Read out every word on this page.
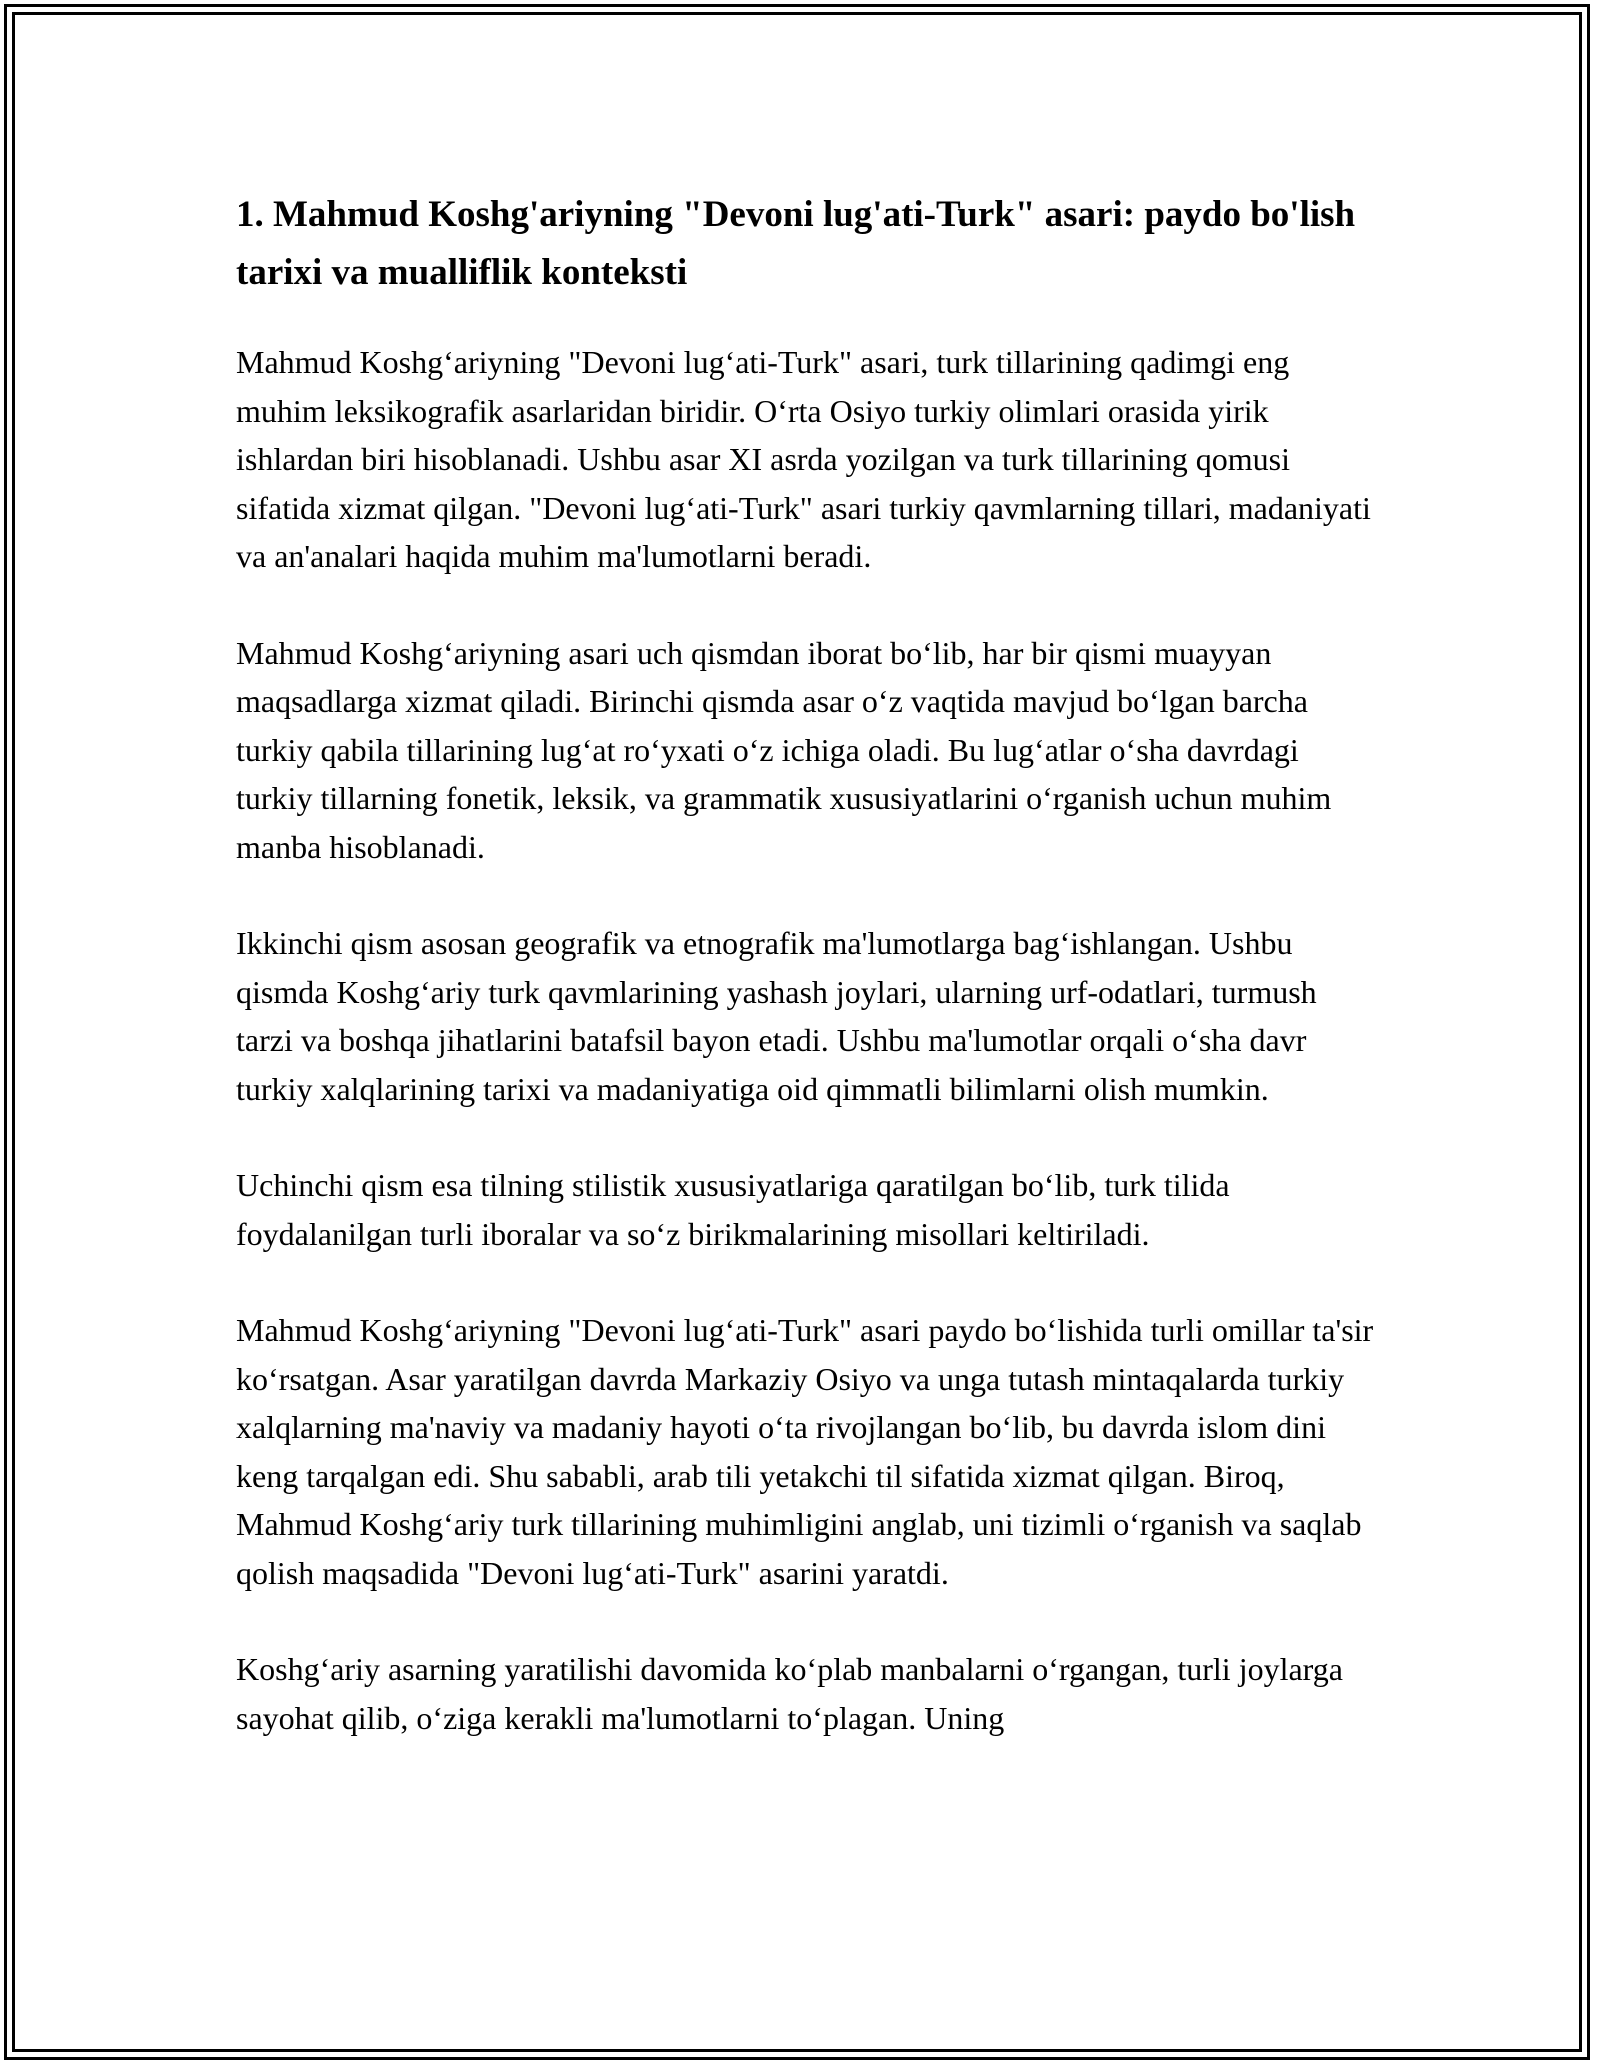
1. Mahmud Koshg'ariyning "Devoni lug'ati-Turk" asari: paydo bo'lish tarixi va mualliflik konteksti

Mahmud Koshg‘ariyning "Devoni lug‘ati-Turk" asari, turk tillarining qadimgi eng muhim leksikografik asarlaridan biridir. O‘rta Osiyo turkiy olimlari orasida yirik ishlardan biri hisoblanadi. Ushbu asar XI asrda yozilgan va turk tillarining qomusi sifatida xizmat qilgan. "Devoni lug‘ati-Turk" asari turkiy qavmlarning tillari, madaniyati va an'analari haqida muhim ma'lumotlarni beradi.

Mahmud Koshg‘ariyning asari uch qismdan iborat bo‘lib, har bir qismi muayyan maqsadlarga xizmat qiladi. Birinchi qismda asar o‘z vaqtida mavjud bo‘lgan barcha turkiy qabila tillarining lug‘at ro‘yxati o‘z ichiga oladi. Bu lug‘atlar o‘sha davrdagi turkiy tillarning fonetik, leksik, va grammatik xususiyatlarini o‘rganish uchun muhim manba hisoblanadi.

Ikkinchi qism asosan geografik va etnografik ma'lumotlarga bag‘ishlangan. Ushbu qismda Koshg‘ariy turk qavmlarining yashash joylari, ularning urf-odatlari, turmush tarzi va boshqa jihatlarini batafsil bayon etadi. Ushbu ma'lumotlar orqali o‘sha davr turkiy xalqlarining tarixi va madaniyatiga oid qimmatli bilimlarni olish mumkin.

Uchinchi qism esa tilning stilistik xususiyatlariga qaratilgan bo‘lib, turk tilida foydalanilgan turli iboralar va so‘z birikmalarining misollari keltiriladi.

Mahmud Koshg‘ariyning "Devoni lug‘ati-Turk" asari paydo bo‘lishida turli omillar ta'sir ko‘rsatgan. Asar yaratilgan davrda Markaziy Osiyo va unga tutash mintaqalarda turkiy xalqlarning ma'naviy va madaniy hayoti o‘ta rivojlangan bo‘lib, bu davrda islom dini keng tarqalgan edi. Shu sababli, arab tili yetakchi til sifatida xizmat qilgan. Biroq, Mahmud Koshg‘ariy turk tillarining muhimligini anglab, uni tizimli o‘rganish va saqlab qolish maqsadida "Devoni lug‘ati-Turk" asarini yaratdi.

Koshg‘ariy asarning yaratilishi davomida ko‘plab manbalarni o‘rgangan, turli joylarga sayohat qilib, o‘ziga kerakli ma'lumotlarni to‘plagan. Uning
